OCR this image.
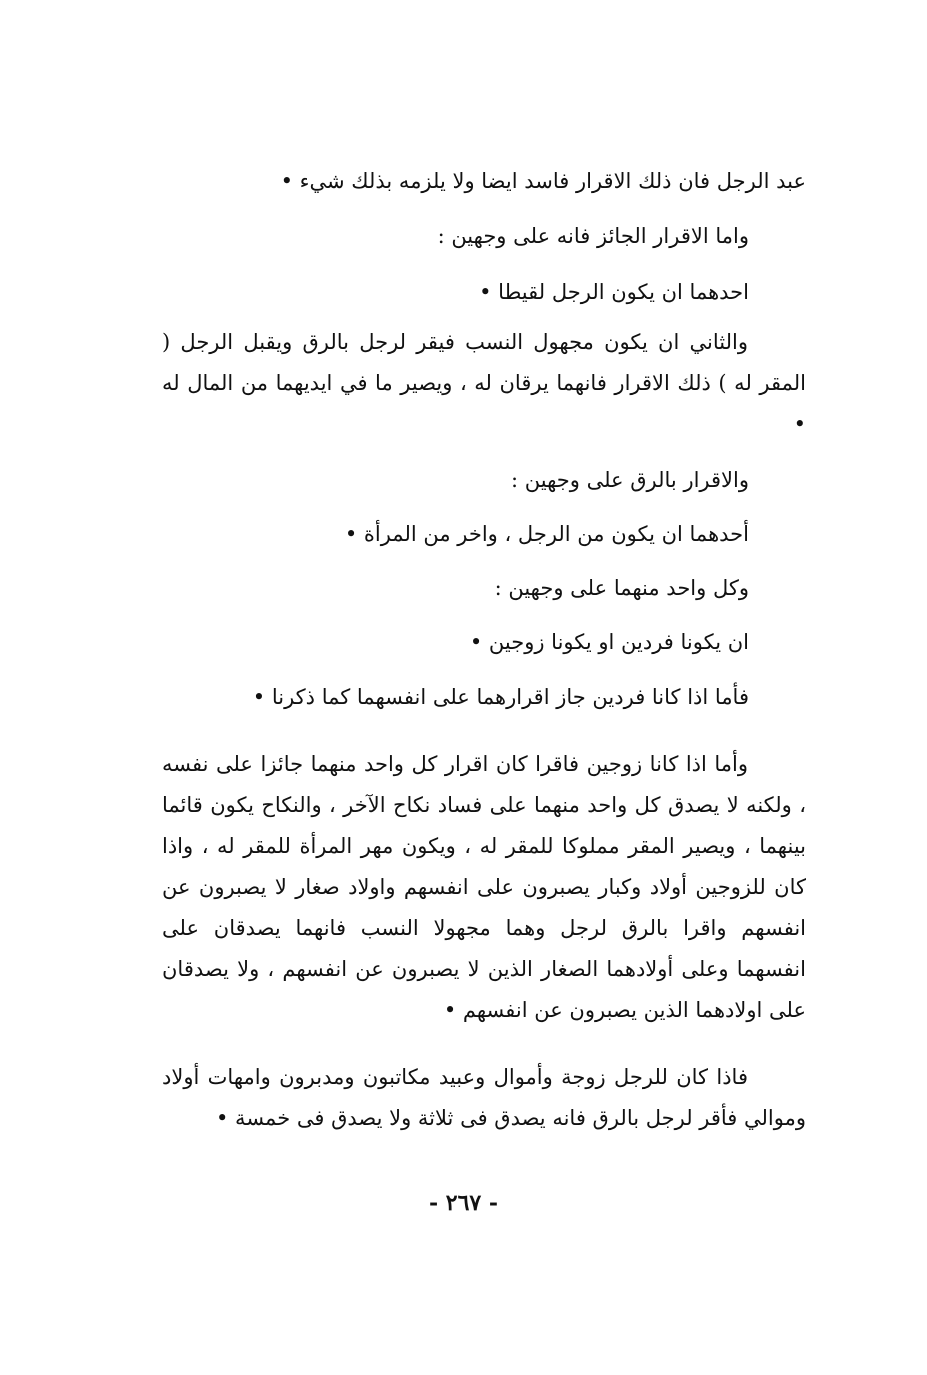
عبد الرجل فان ذلك الاقرار فاسد ايضا ولا يلزمه بذلك شيء •
واما الاقرار الجائز فانه على وجهين :
احدهما ان يكون الرجل لقيطا •
والثاني ان يكون مجهول النسب فيقر لرجل بالرق ويقبل الرجل ( المقر له ) ذلك الاقرار فانهما يرقان له ، ويصير ما في ايديهما من المال له •
والاقرار بالرق على وجهين :
أحدهما ان يكون من الرجل ، واخر من المرأة •
وكل واحد منهما على وجهين :
ان يكونا فردين او يكونا زوجين •
فأما اذا كانا فردين جاز اقرارهما على انفسهما كما ذكرنا •
وأما اذا كانا زوجين فاقرا كان اقرار كل واحد منهما جائزا على نفسه ، ولكنه لا يصدق كل واحد منهما على فساد نكاح الآخر ، والنكاح يكون قائما بينهما ، ويصير المقر مملوكا للمقر له ، ويكون مهر المرأة للمقر له ، واذا كان للزوجين أولاد وكبار يصبرون على انفسهم واولاد صغار لا يصبرون عن انفسهم واقرا بالرق لرجل وهما مجهولا النسب فانهما يصدقان على انفسهما وعلى أولادهما الصغار الذين لا يصبرون عن انفسهم ، ولا يصدقان على اولادهما الذين يصبرون عن انفسهم •
فاذا كان للرجل زوجة وأموال وعبيد مكاتبون ومدبرون وامهات أولاد وموالي فأقر لرجل بالرق فانه يصدق فى ثلاثة ولا يصدق فى خمسة •
- ٢٦٧ -
